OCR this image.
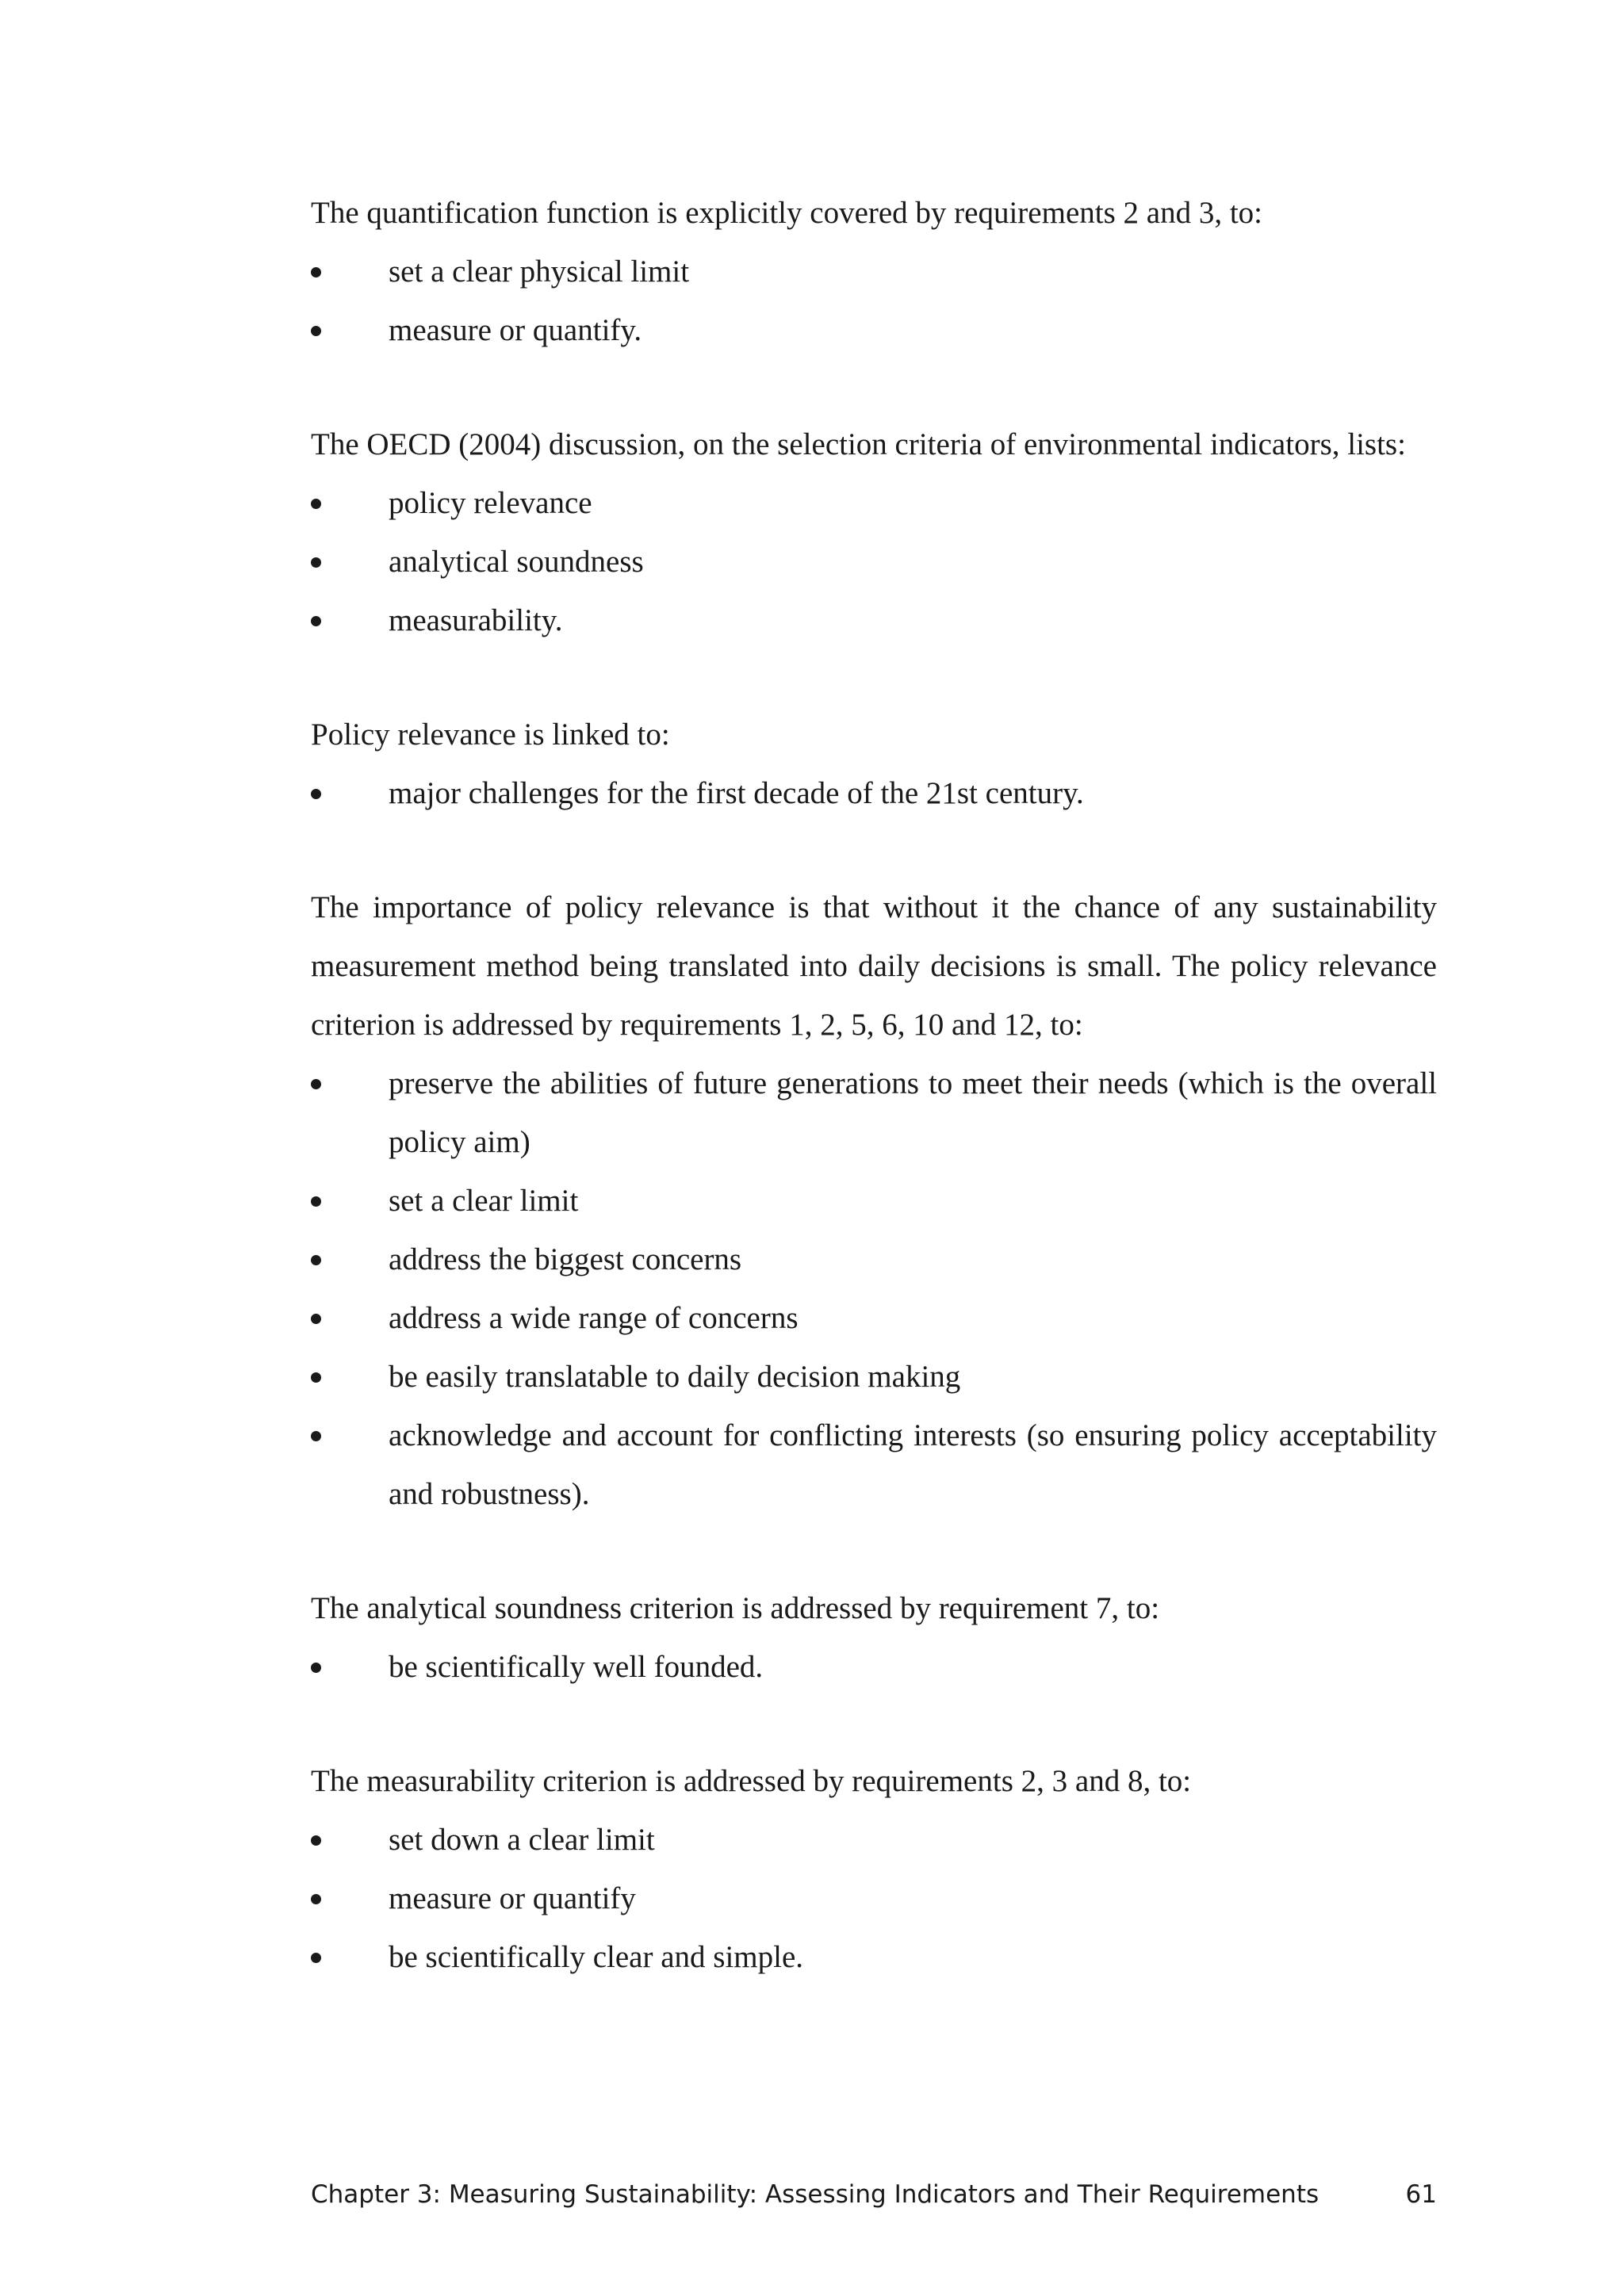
The quantification function is explicitly covered by requirements 2 and 3, to:

set a clear physical limit
measure or quantify.

The OECD (2004) discussion, on the selection criteria of environmental indicators, lists:

policy relevance
analytical soundness
measurability.

Policy relevance is linked to:

major challenges for the first decade of the 21st century.

The importance of policy relevance is that without it the chance of any sustainability measurement method being translated into daily decisions is small. The policy relevance criterion is addressed by requirements 1, 2, 5, 6, 10 and 12, to:

preserve the abilities of future generations to meet their needs (which is the overall policy aim)
set a clear limit
address the biggest concerns
address a wide range of concerns
be easily translatable to daily decision making
acknowledge and account for conflicting interests (so ensuring policy acceptability and robustness).

The analytical soundness criterion is addressed by requirement 7, to:

be scientifically well founded.

The measurability criterion is addressed by requirements 2, 3 and 8, to:

set down a clear limit
measure or quantify
be scientifically clear and simple.
Chapter 3: Measuring Sustainability: Assessing Indicators and Their Requirements	61
